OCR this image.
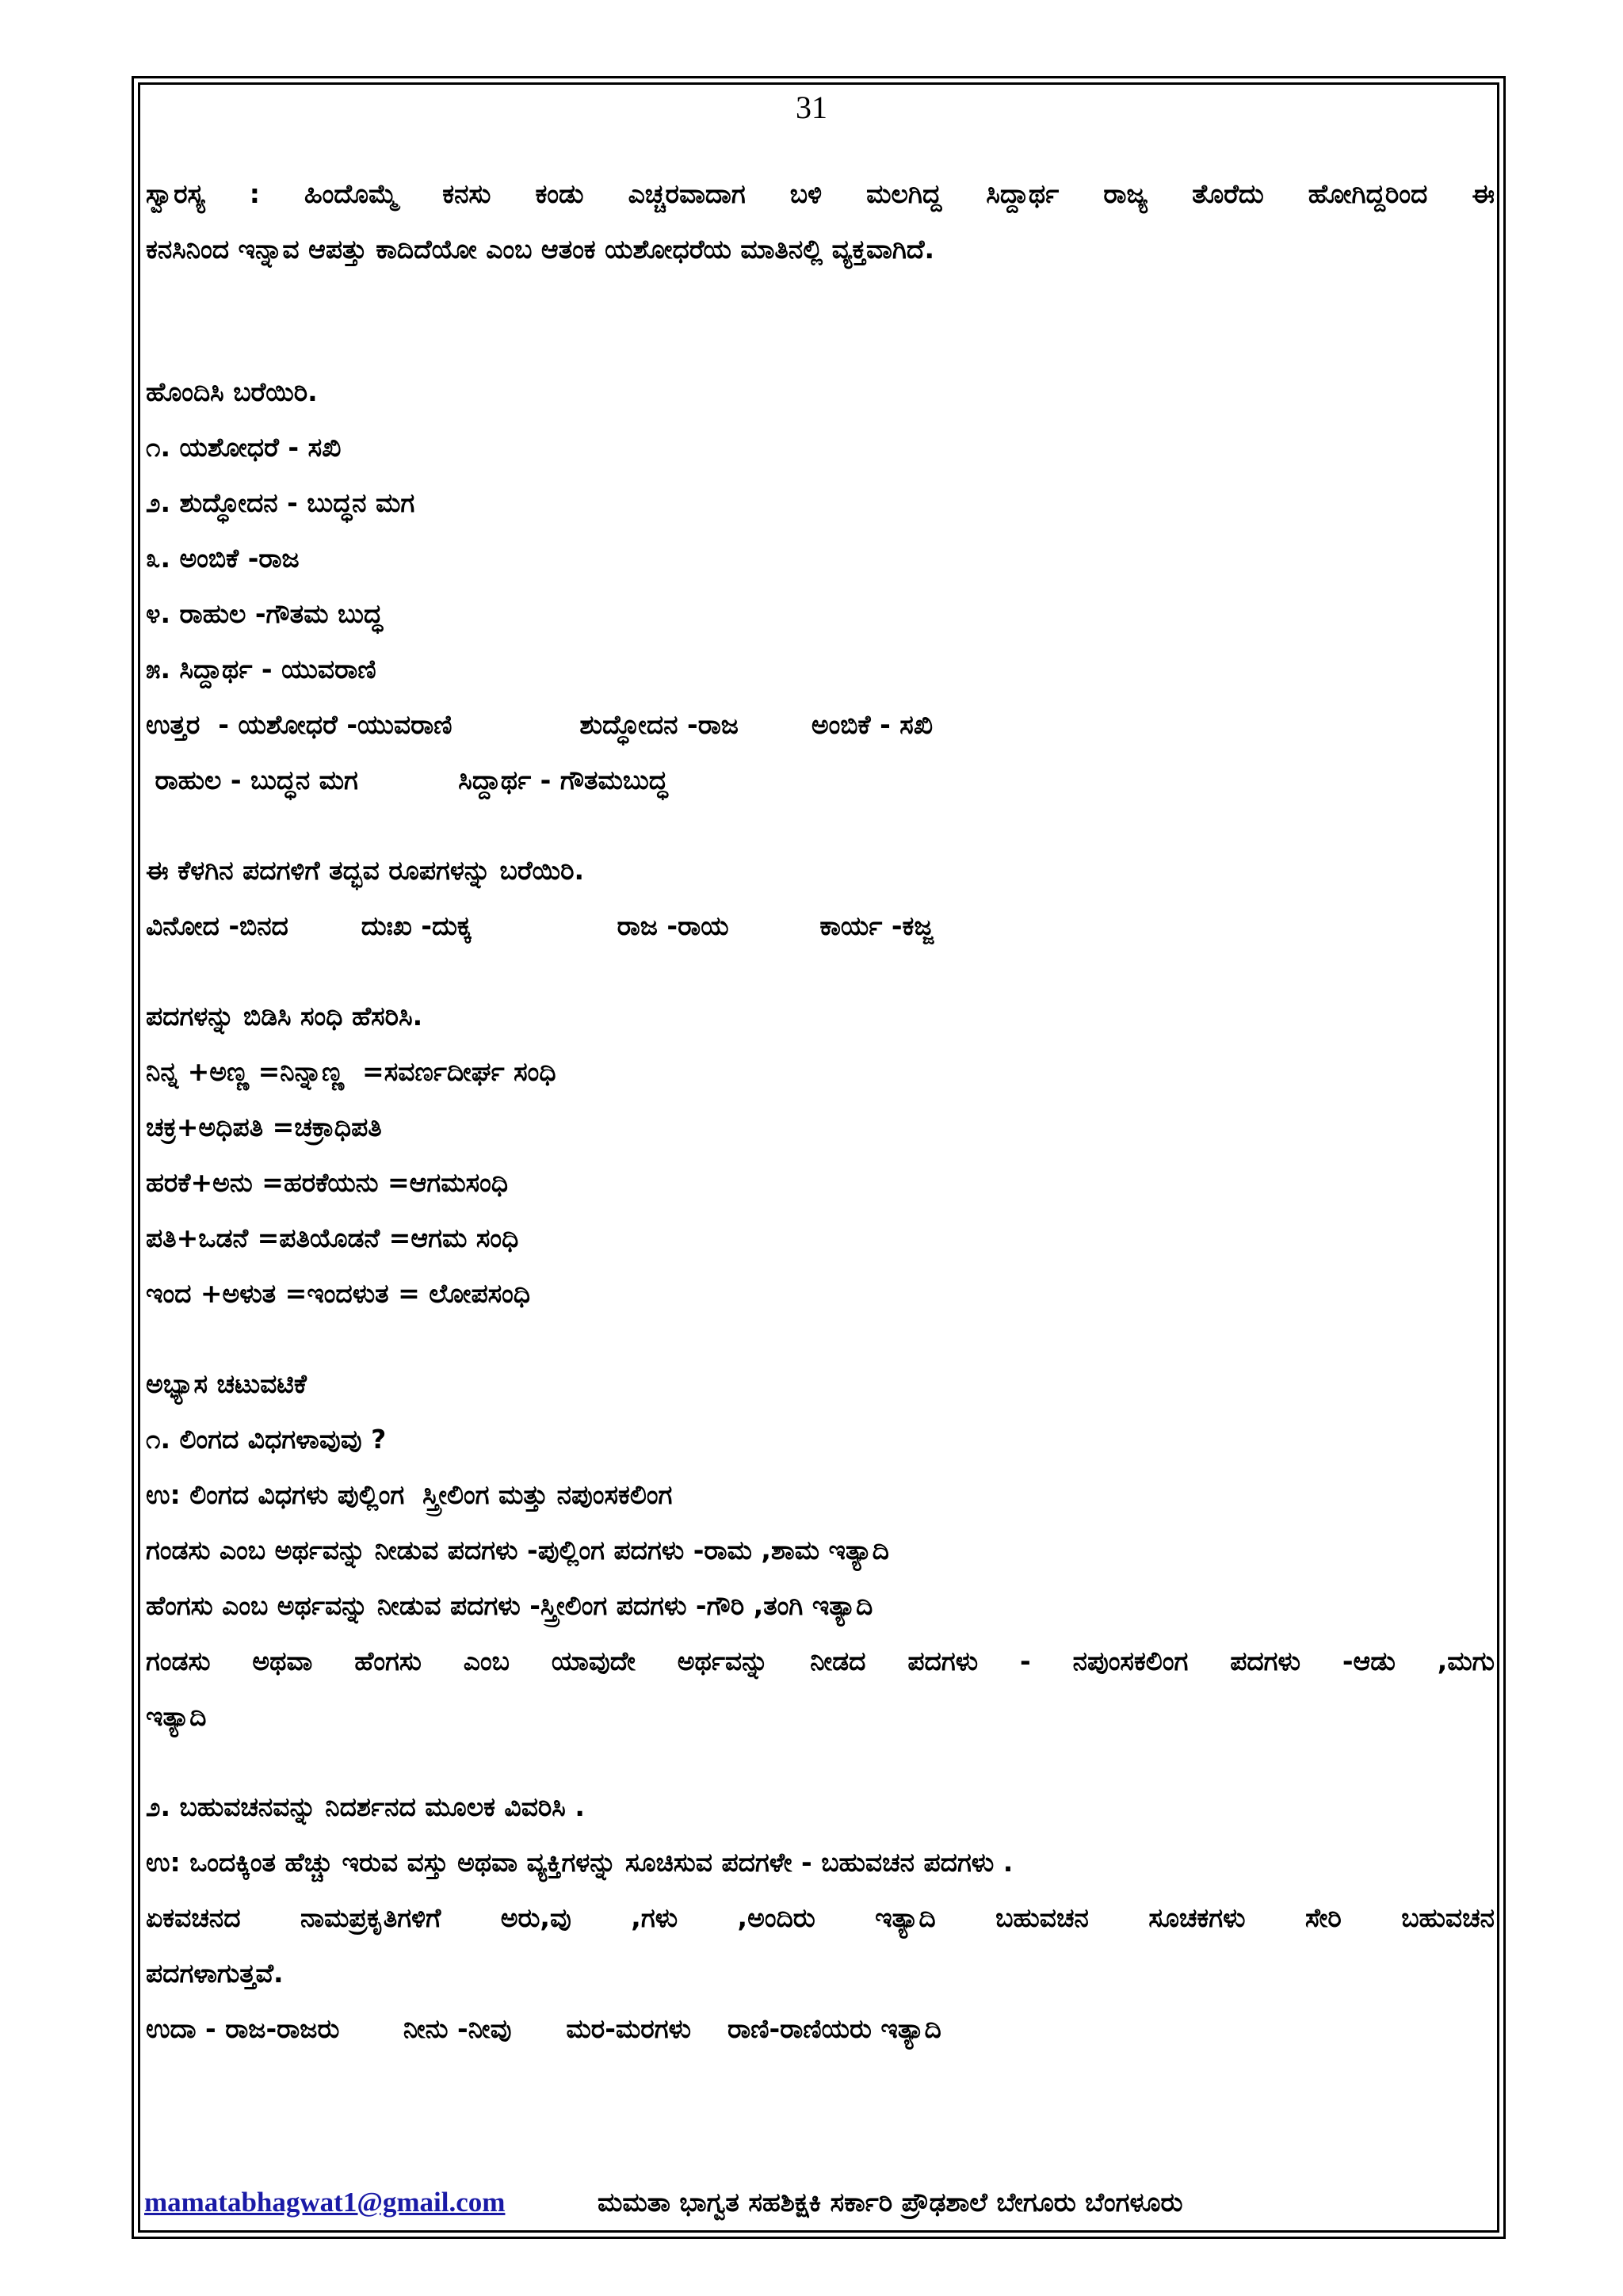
31
ಸ್ವಾರಸ್ಯ : ಹಿಂದೊಮ್ಮೆ ಕನಸು ಕಂಡು ಎಚ್ಚರವಾದಾಗ ಬಳಿ ಮಲಗಿದ್ದ ಸಿದ್ದಾರ್ಥ ರಾಜ್ಯ ತೊರೆದು ಹೋಗಿದ್ದರಿಂದ ಈ
ಕನಸಿನಿಂದ ಇನ್ನಾವ ಆಪತ್ತು ಕಾದಿದೆಯೋ ಎಂಬ ಆತಂಕ ಯಶೋಧರೆಯ ಮಾತಿನಲ್ಲಿ ವ್ಯಕ್ತವಾಗಿದೆ.
ಹೊಂದಿಸಿ ಬರೆಯಿರಿ.
೧. ಯಶೋಧರೆ - ಸಖಿ
೨. ಶುದ್ಧೋದನ - ಬುದ್ಧನ ಮಗ
೩. ಅಂಬಿಕೆ -ರಾಜ
೪. ರಾಹುಲ -ಗೌತಮ ಬುದ್ಧ
೫. ಸಿದ್ದಾರ್ಥ - ಯುವರಾಣಿ
ಉತ್ತರ  - ಯಶೋಧರೆ -ಯುವರಾಣಿ              ಶುದ್ಧೋದನ -ರಾಜ        ಅಂಬಿಕೆ - ಸಖಿ
ರಾಹುಲ - ಬುದ್ಧನ ಮಗ           ಸಿದ್ದಾರ್ಥ - ಗೌತಮಬುದ್ಧ
ಈ ಕೆಳಗಿನ ಪದಗಳಿಗೆ ತದ್ಭವ ರೂಪಗಳನ್ನು ಬರೆಯಿರಿ.
ವಿನೋದ -ಬಿನದ        ದುಃಖ -ದುಕ್ಕ                ರಾಜ -ರಾಯ          ಕಾರ್ಯ -ಕಜ್ಜ
ಪದಗಳನ್ನು ಬಿಡಿಸಿ ಸಂಧಿ ಹೆಸರಿಸಿ.
ನಿನ್ನ +ಅಣ್ಣ =ನಿನ್ನಾಣ್ಣ  =ಸವರ್ಣದೀರ್ಘ ಸಂಧಿ
ಚಕ್ರ+ಅಧಿಪತಿ =ಚಕ್ರಾಧಿಪತಿ
ಹರಕೆ+ಅನು =ಹರಕೆಯನು =ಆಗಮಸಂಧಿ
ಪತಿ+ಒಡನೆ =ಪತಿಯೊಡನೆ =ಆಗಮ ಸಂಧಿ
ಇಂದ +ಅಳುತ =ಇಂದಳುತ = ಲೋಪಸಂಧಿ
ಅಭ್ಯಾಸ ಚಟುವಟಿಕೆ
೧. ಲಿಂಗದ ವಿಧಗಳಾವುವು ?
ಉ: ಲಿಂಗದ ವಿಧಗಳು ಪುಲ್ಲಿಂಗ  ಸ್ತ್ರೀಲಿಂಗ ಮತ್ತು ನಪುಂಸಕಲಿಂಗ
ಗಂಡಸು ಎಂಬ ಅರ್ಥವನ್ನು ನೀಡುವ ಪದಗಳು -ಪುಲ್ಲಿಂಗ ಪದಗಳು -ರಾಮ ,ಶಾಮ ಇತ್ಯಾದಿ
ಹೆಂಗಸು ಎಂಬ ಅರ್ಥವನ್ನು ನೀಡುವ ಪದಗಳು -ಸ್ತ್ರೀಲಿಂಗ ಪದಗಳು -ಗೌರಿ ,ತಂಗಿ ಇತ್ಯಾದಿ
ಗಂಡಸು ಅಥವಾ ಹೆಂಗಸು ಎಂಬ ಯಾವುದೇ ಅರ್ಥವನ್ನು ನೀಡದ ಪದಗಳು - ನಪುಂಸಕಲಿಂಗ ಪದಗಳು -ಆಡು ,ಮಗು
ಇತ್ಯಾದಿ
೨. ಬಹುವಚನವನ್ನು ನಿದರ್ಶನದ ಮೂಲಕ ವಿವರಿಸಿ .
ಉ: ಒಂದಕ್ಕಿಂತ ಹೆಚ್ಚು ಇರುವ ವಸ್ತು ಅಥವಾ ವ್ಯಕ್ತಿಗಳನ್ನು ಸೂಚಿಸುವ ಪದಗಳೇ - ಬಹುವಚನ ಪದಗಳು .
ಏಕವಚನದ ನಾಮಪ್ರಕೃತಿಗಳಿಗೆ ಅರು,ವು ,ಗಳು ,ಅಂದಿರು ಇತ್ಯಾದಿ ಬಹುವಚನ ಸೂಚಕಗಳು ಸೇರಿ ಬಹುವಚನ
ಪದಗಳಾಗುತ್ತವೆ.
ಉದಾ - ರಾಜ-ರಾಜರು       ನೀನು -ನೀವು      ಮರ-ಮರಗಳು    ರಾಣಿ-ರಾಣಿಯರು ಇತ್ಯಾದಿ
mamatabhagwat1@gmail.com	ಮಮತಾ ಭಾಗ್ವತ ಸಹಶಿಕ್ಷಕಿ ಸರ್ಕಾರಿ ಪ್ರೌಢಶಾಲೆ ಬೇಗೂರು ಬೆಂಗಳೂರು
